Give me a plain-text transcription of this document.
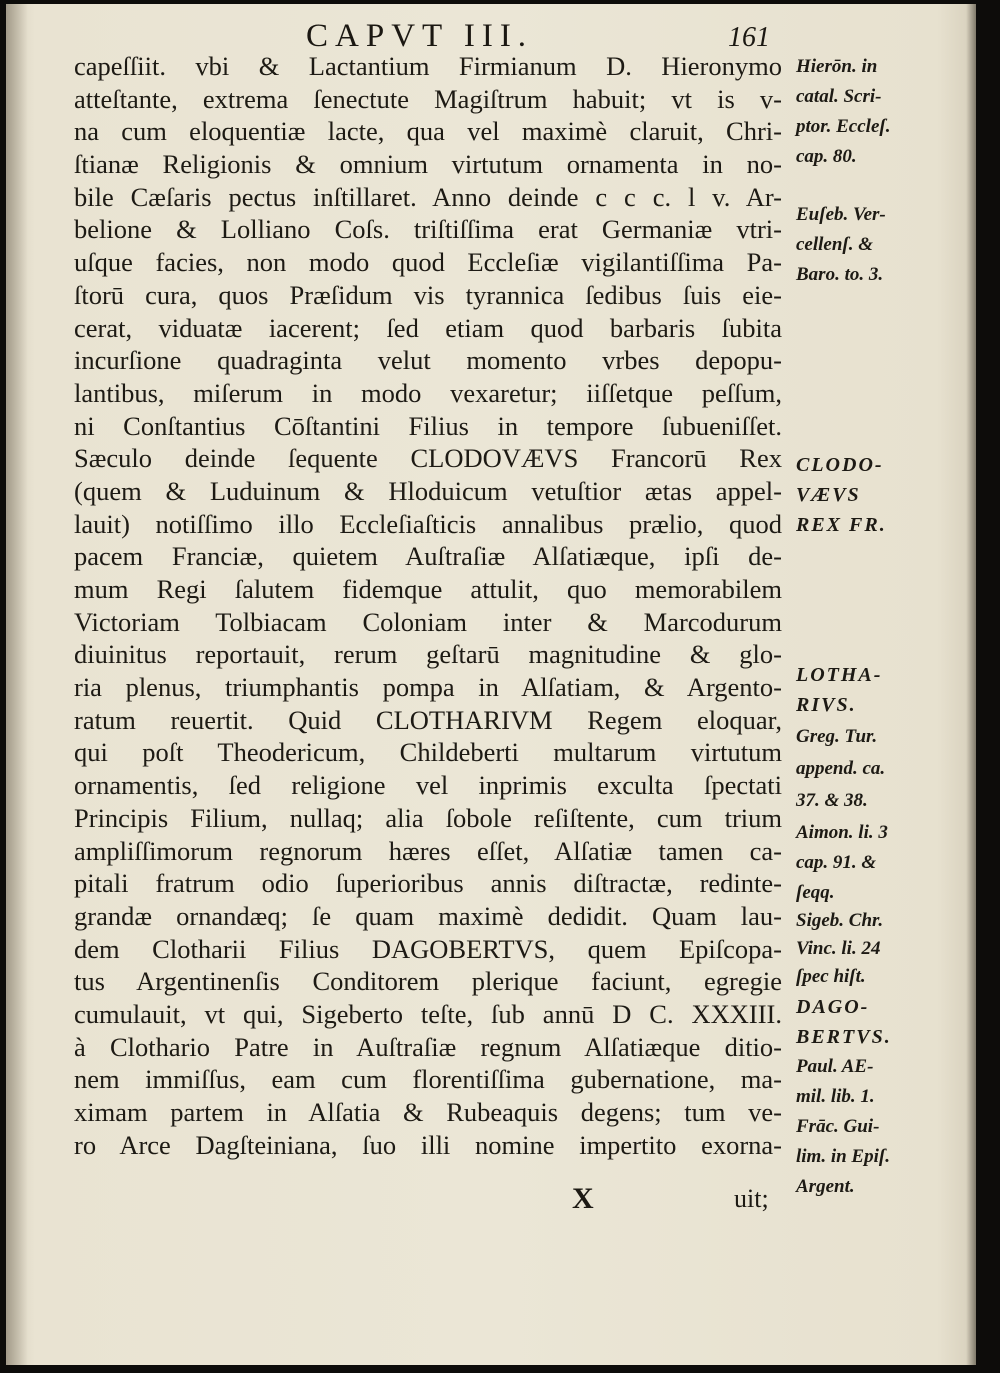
CAPVT III.	161
capeſſiit. vbi & Lactantium Firmianum D. Hieronymo
atteſtante, extrema ſenectute Magiſtrum habuit; vt is v-
na cum eloquentiæ lacte, qua vel maximè claruit, Chri-
ſtianæ Religionis & omnium virtutum ornamenta in no-
bile Cæſaris pectus inſtillaret. Anno deinde c c c. l v. Ar-
belione & Lolliano Coſs. triſtiſſima erat Germaniæ vtri-
uſque facies, non modo quod Eccleſiæ vigilantiſſima Pa-
ſtorū cura, quos Præſidum vis tyrannica ſedibus ſuis eie-
cerat, viduatæ iacerent; ſed etiam quod barbaris ſubita
incurſione quadraginta velut momento vrbes depopu-
lantibus, miſerum in modo vexaretur; iiſſetque peſſum,
ni Conſtantius Cōſtantini Filius in tempore ſubueniſſet.
Sæculo deinde ſequente CLODOVÆVS Francorū Rex
(quem & Luduinum & Hloduicum vetuſtior ætas appel-
lauit) notiſſimo illo Eccleſiaſticis annalibus prælio, quod
pacem Franciæ, quietem Auſtraſiæ Alſatiæque, ipſi de-
mum Regi ſalutem fidemque attulit, quo memorabilem
Victoriam Tolbiacam Coloniam inter & Marcodurum
diuinitus reportauit, rerum geſtarū magnitudine & glo-
ria plenus, triumphantis pompa in Alſatiam, & Argento-
ratum reuertit. Quid CLOTHARIVM Regem eloquar,
qui poſt Theodericum, Childeberti multarum virtutum
ornamentis, ſed religione vel inprimis exculta ſpectati
Principis Filium, nullaq; alia ſobole reſiſtente, cum trium
ampliſſimorum regnorum hæres eſſet, Alſatiæ tamen ca-
pitali fratrum odio ſuperioribus annis diſtractæ, redinte-
grandæ ornandæq; ſe quam maximè dedidit. Quam lau-
dem Clotharii Filius DAGOBERTVS, quem Epiſcopa-
tus Argentinenſis Conditorem plerique faciunt, egregie
cumulauit, vt qui, Sigeberto teſte, ſub annū D C. XXXIII.
à Clothario Patre in Auſtraſiæ regnum Alſatiæque ditio-
nem immiſſus, eam cum florentiſſima gubernatione, ma-
ximam partem in Alſatia & Rubeaquis degens; tum ve-
ro Arce Dagſteiniana, ſuo illi nomine impertito exorna-
Hierōn. in
catal. Scri-
ptor. Eccleſ.
cap. 80.
Euſeb. Ver-
cellenſ. &
Baro. to. 3.
CLODO-
VÆVS
REX FR.
LOTHA-
RIVS.
Greg. Tur.
append. ca.
37. & 38.
Aimon. li. 3
cap. 91. &
ſeqq.
Sigeb. Chr.
Vinc. li. 24
ſpec hiſt.
DAGO-
BERTVS.
Paul. AE-
mil. lib. 1.
Frāc. Gui-
lim. in Epiſ.
Argent.
X	uit;
